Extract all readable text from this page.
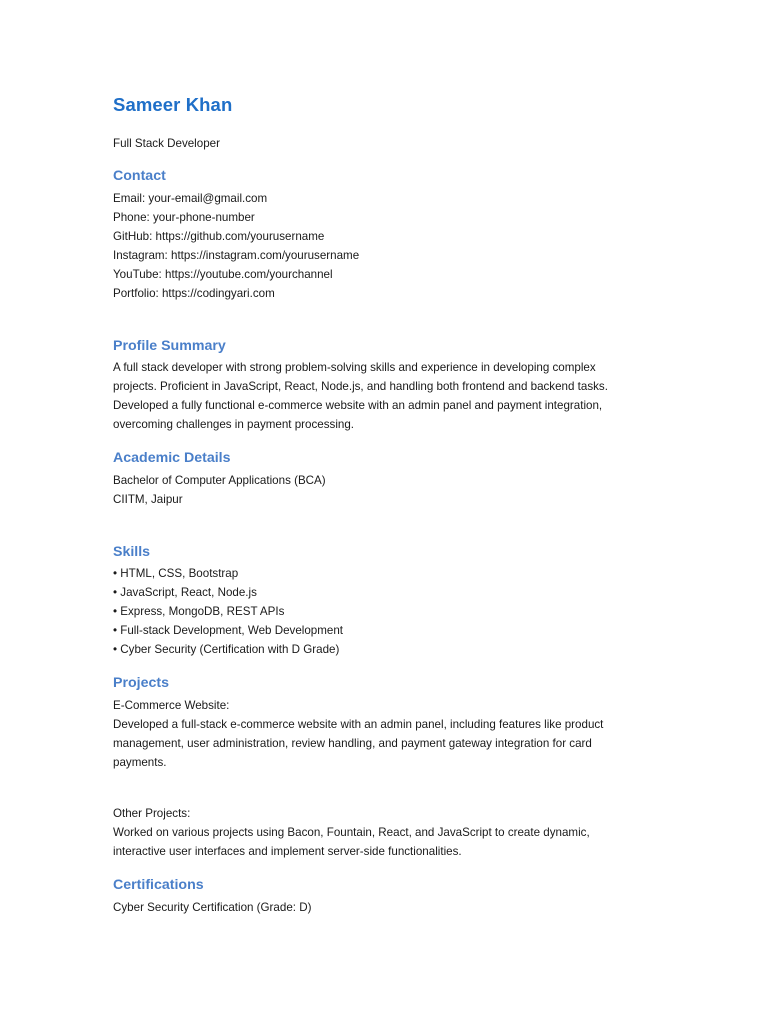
Sameer Khan
Full Stack Developer
Contact
Email: your-email@gmail.com
Phone: your-phone-number
GitHub: https://github.com/yourusername
Instagram: https://instagram.com/yourusername
YouTube: https://youtube.com/yourchannel
Portfolio: https://codingyari.com
Profile Summary
A full stack developer with strong problem-solving skills and experience in developing complex
projects. Proficient in JavaScript, React, Node.js, and handling both frontend and backend tasks.
Developed a fully functional e-commerce website with an admin panel and payment integration,
overcoming challenges in payment processing.
Academic Details
Bachelor of Computer Applications (BCA)
CIITM, Jaipur
Skills
• HTML, CSS, Bootstrap
• JavaScript, React, Node.js
• Express, MongoDB, REST APIs
• Full-stack Development, Web Development
• Cyber Security (Certification with D Grade)
Projects
E-Commerce Website:
Developed a full-stack e-commerce website with an admin panel, including features like product
management, user administration, review handling, and payment gateway integration for card
payments.
Other Projects:
Worked on various projects using Bacon, Fountain, React, and JavaScript to create dynamic,
interactive user interfaces and implement server-side functionalities.
Certifications
Cyber Security Certification (Grade: D)
